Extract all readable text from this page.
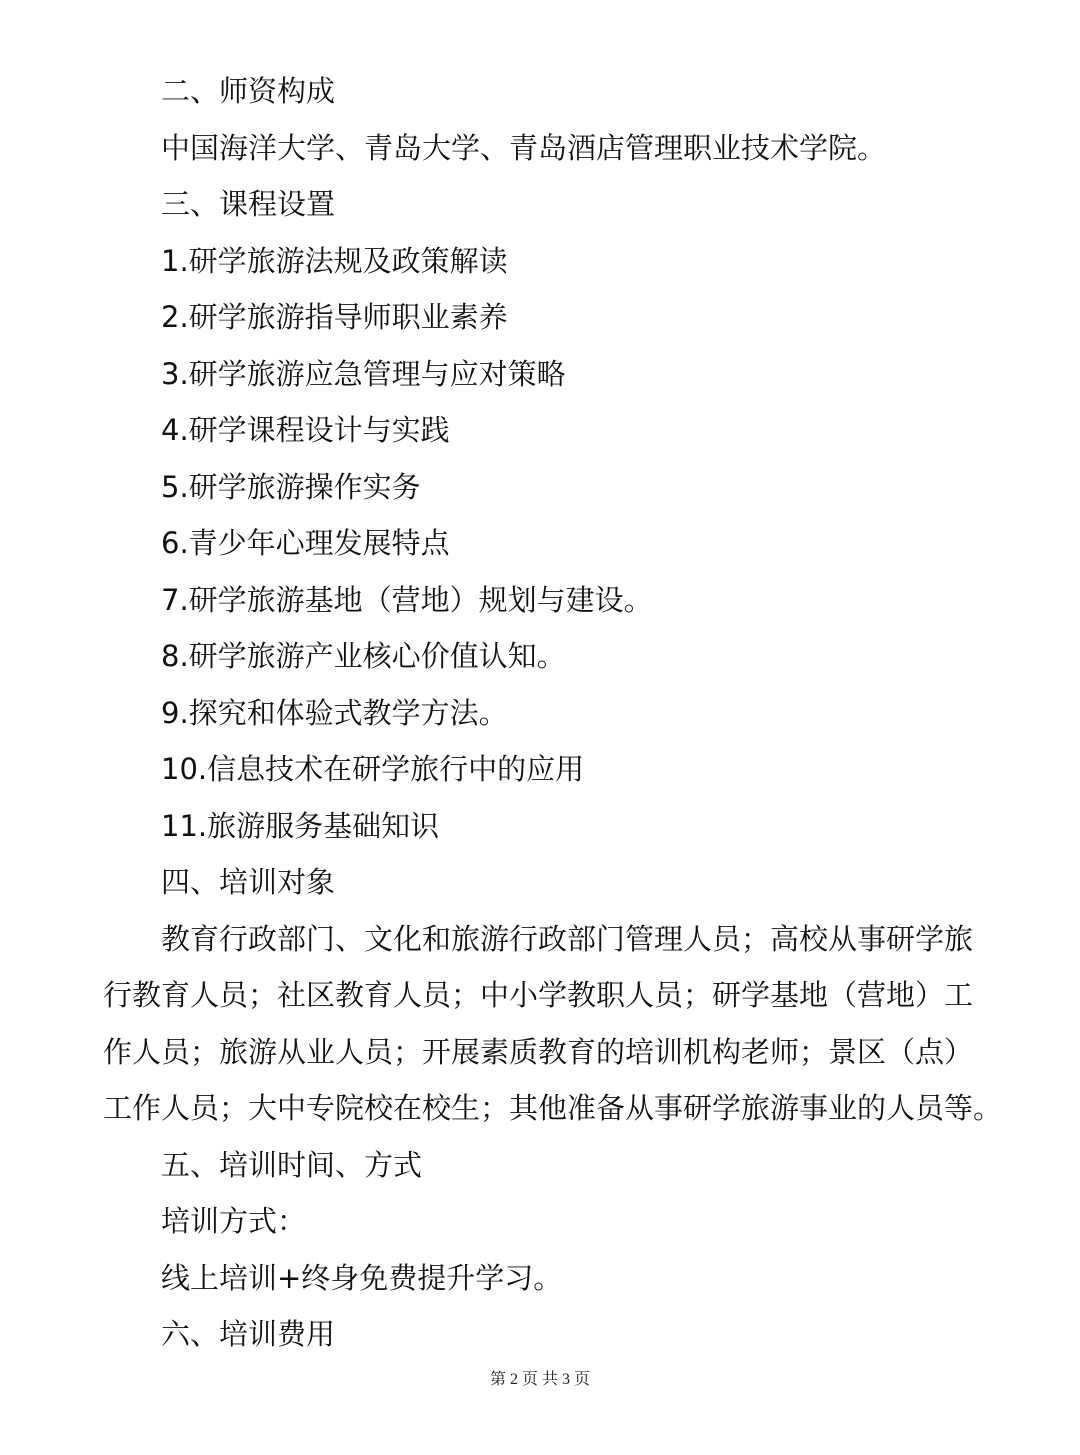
二、师资构成

中国海洋大学、青岛大学、青岛酒店管理职业技术学院。

三、课程设置

1.研学旅游法规及政策解读

2.研学旅游指导师职业素养

3.研学旅游应急管理与应对策略

4.研学课程设计与实践

5.研学旅游操作实务

6.青少年心理发展特点

7.研学旅游基地（营地）规划与建设。

8.研学旅游产业核心价值认知。

9.探究和体验式教学方法。

10.信息技术在研学旅行中的应用

11.旅游服务基础知识

四、培训对象

教育行政部门、文化和旅游行政部门管理人员；高校从事研学旅

行教育人员；社区教育人员；中小学教职人员；研学基地（营地）工

作人员；旅游从业人员；开展素质教育的培训机构老师；景区（点）

工作人员；大中专院校在校生；其他准备从事研学旅游事业的人员等。

五、培训时间、方式

培训方式：

线上培训+终身免费提升学习。

六、培训费用

第 2 页 共 3 页
